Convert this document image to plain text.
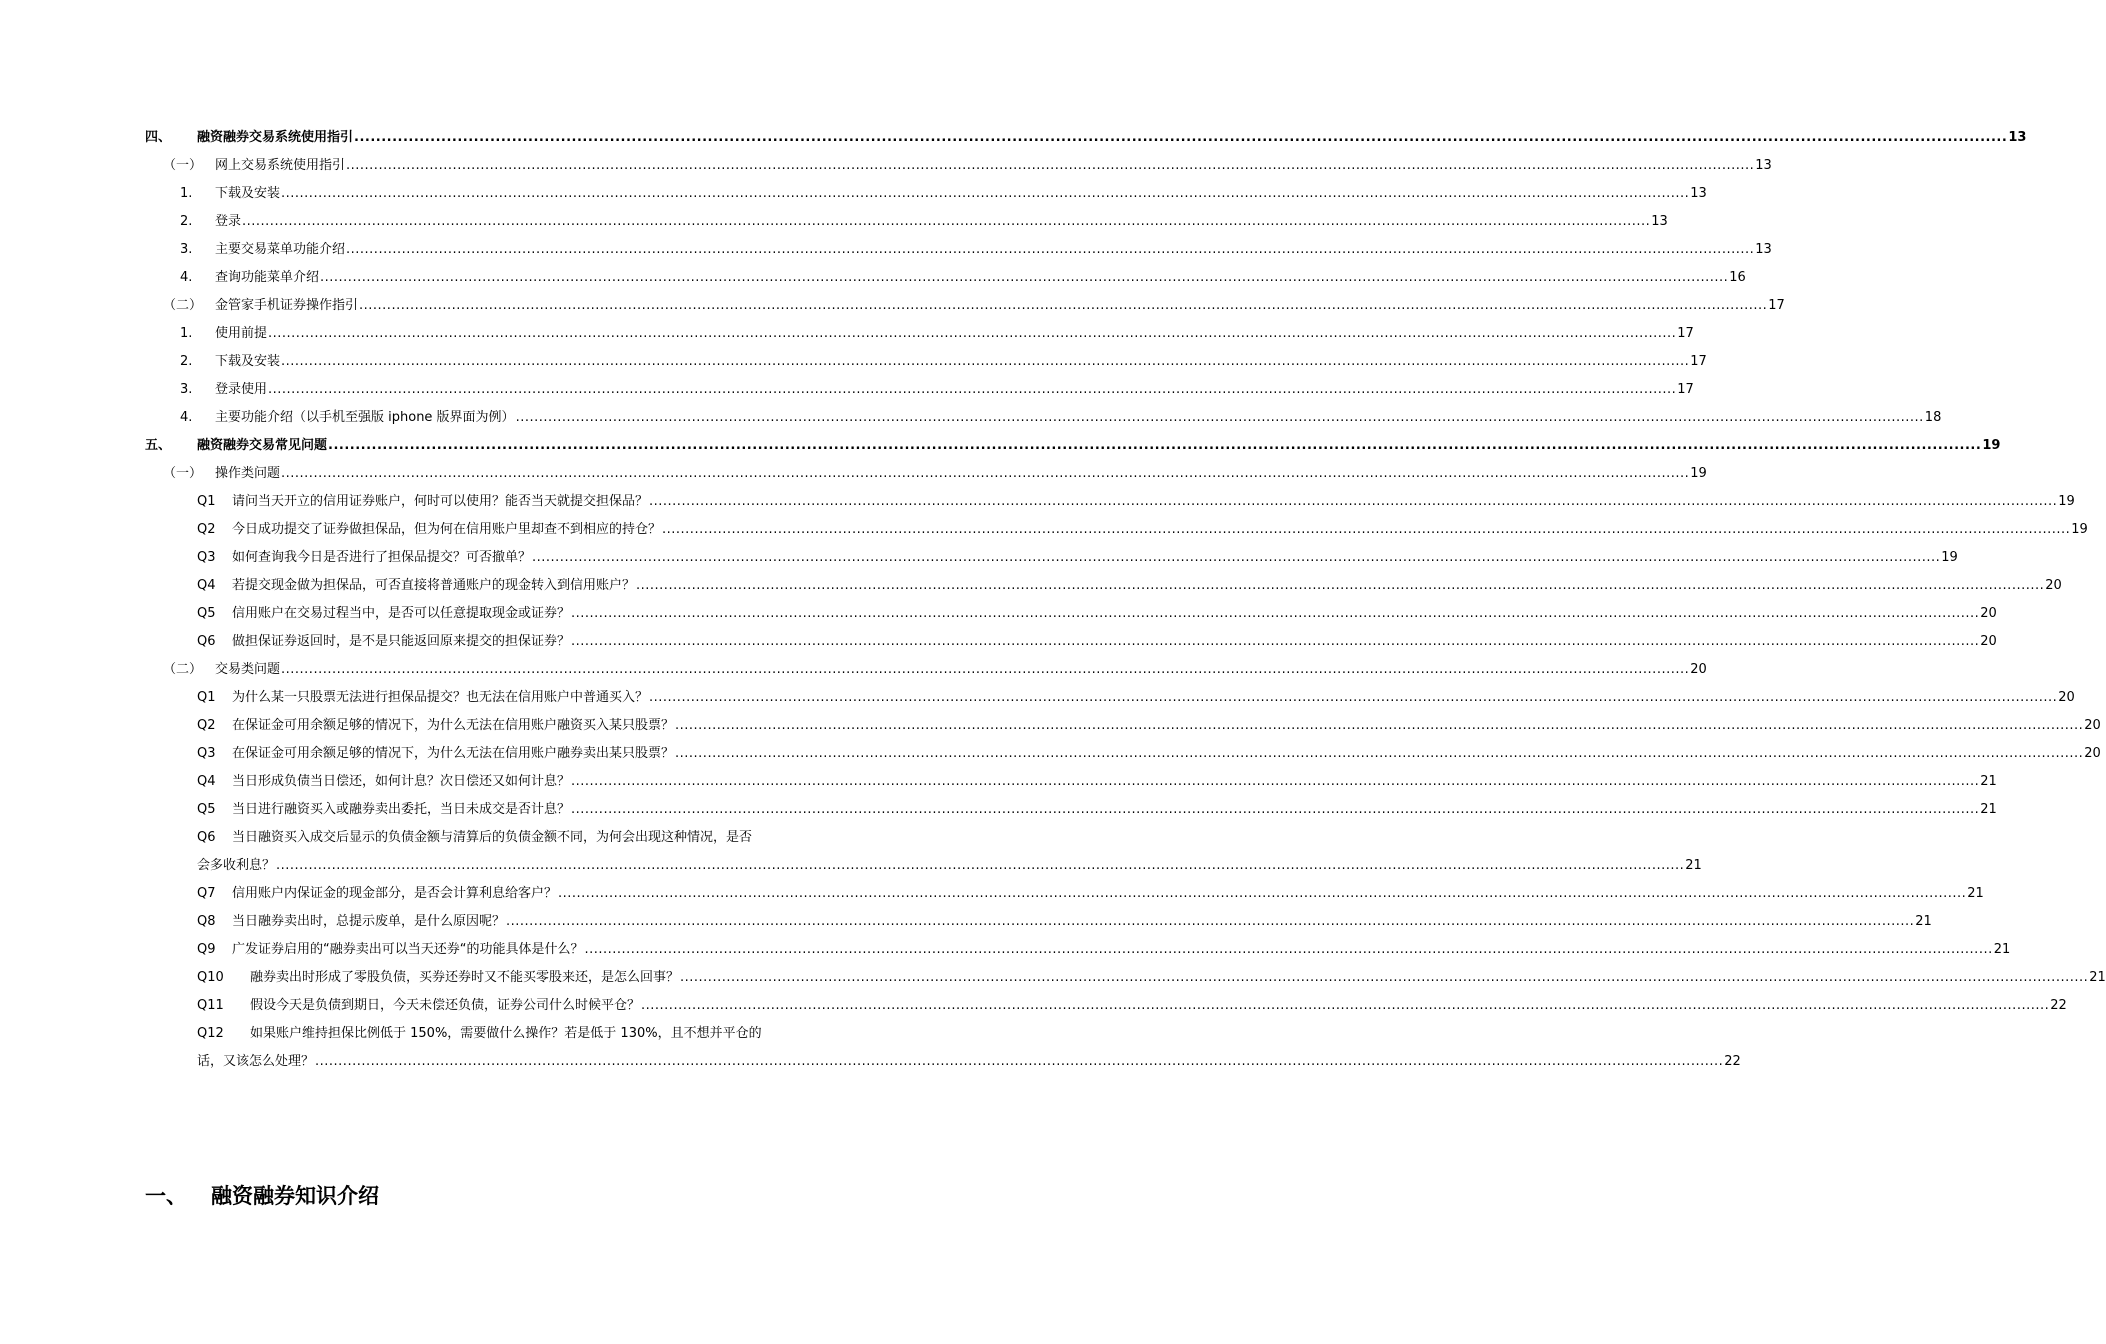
四、	融资融券交易系统使用指引 .....	13
（一） 网上交易系统使用指引 .....	13
1.	下载及安装 .....	13
2.	登录 .....	13
3.	主要交易菜单功能介绍 .....	13
4.	查询功能菜单介绍 .....	16
（二） 金管家手机证券操作指引 .....	17
1.	使用前提 .....	17
2.	下载及安装 .....	17
3.	登录使用 .....	17
4.	主要功能介绍（以手机至强版 iphone 版界面为例） .....	18
五、	融资融券交易常见问题 .....	19
（一） 操作类问题 .....	19
Q1	请问当天开立的信用证券账户，何时可以使用？能否当天就提交担保品？ .....	19
Q2	今日成功提交了证券做担保品，但为何在信用账户里却查不到相应的持仓？ .....	19
Q3	如何查询我今日是否进行了担保品提交？可否撤单？ .....	19
Q4	若提交现金做为担保品，可否直接将普通账户的现金转入到信用账户？ .....	20
Q5	信用账户在交易过程当中，是否可以任意提取现金或证券？ .....	20
Q6	做担保证券返回时，是不是只能返回原来提交的担保证券？ .....	20
（二） 交易类问题 .....	20
Q1	为什么某一只股票无法进行担保品提交？也无法在信用账户中普通买入？ .....	20
Q2	在保证金可用余额足够的情况下，为什么无法在信用账户融资买入某只股票？ .....	20
Q3	在保证金可用余额足够的情况下，为什么无法在信用账户融券卖出某只股票？ .....	20
Q4	当日形成负债当日偿还，如何计息？次日偿还又如何计息？ .....	21
Q5	当日进行融资买入或融券卖出委托，当日未成交是否计息？ .....	21
Q6	当日融资买入成交后显示的负债金额与清算后的负债金额不同，为何会出现这种情况，是否
会多收利息？ .....	21
Q7	信用账户内保证金的现金部分，是否会计算利息给客户？ .....	21
Q8	当日融券卖出时，总提示废单，是什么原因呢？ .....	21
Q9	广发证券启用的“融券卖出可以当天还券“的功能具体是什么？ .....	21
Q10	融券卖出时形成了零股负债，买券还券时又不能买零股来还，是怎么回事？ .....	21
Q11	假设今天是负债到期日，今天未偿还负债，证券公司什么时候平仓？ .....	22
Q12	如果账户维持担保比例低于 150%，需要做什么操作？若是低于 130%，且不想并平仓的
话，又该怎么处理？ .....	22
一、	融资融券知识介绍
